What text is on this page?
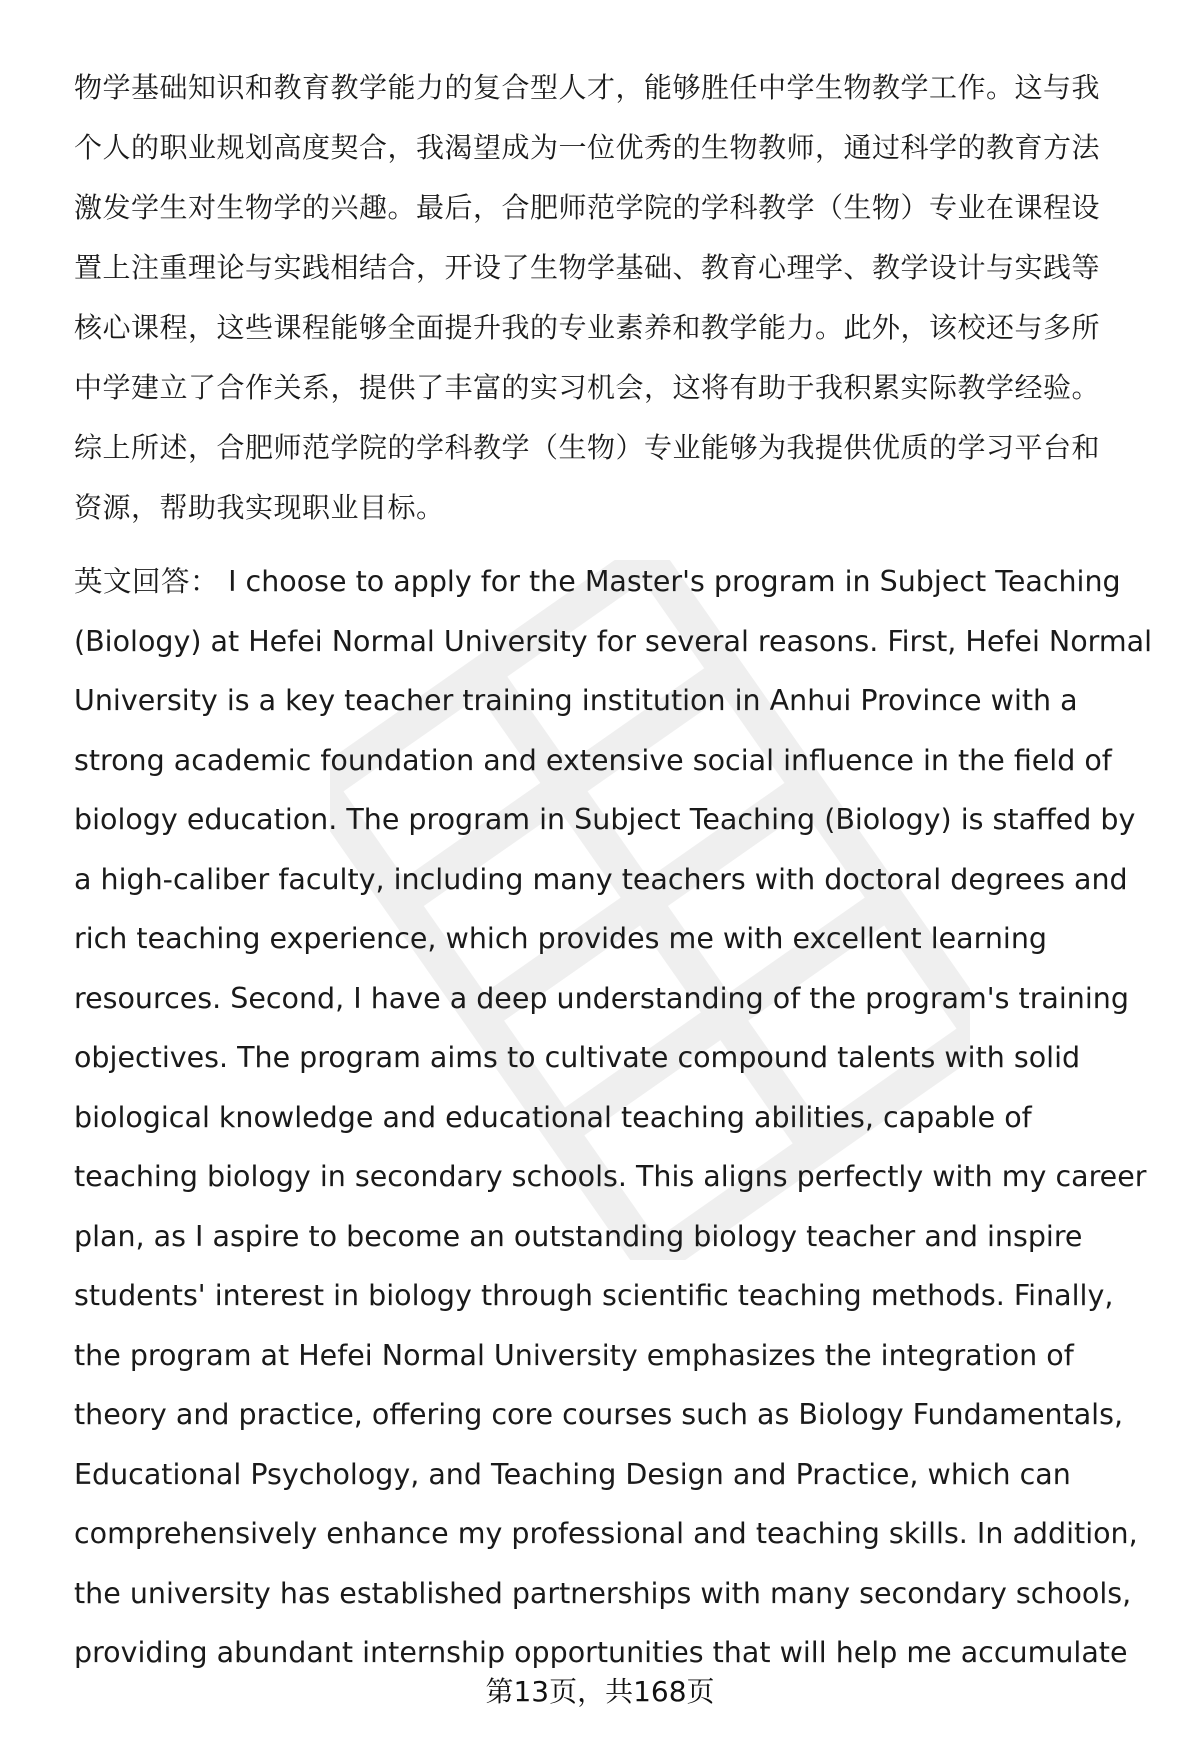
物学基础知识和教育教学能力的复合型人才，能够胜任中学生物教学工作。这与我
个人的职业规划高度契合，我渴望成为一位优秀的生物教师，通过科学的教育方法
激发学生对生物学的兴趣。最后，合肥师范学院的学科教学（生物）专业在课程设
置上注重理论与实践相结合，开设了生物学基础、教育心理学、教学设计与实践等
核心课程，这些课程能够全面提升我的专业素养和教学能力。此外，该校还与多所
中学建立了合作关系，提供了丰富的实习机会，这将有助于我积累实际教学经验。
综上所述，合肥师范学院的学科教学（生物）专业能够为我提供优质的学习平台和
资源，帮助我实现职业目标。

英文回答： I choose to apply for the Master's program in Subject Teaching
(Biology) at Hefei Normal University for several reasons. First, Hefei Normal
University is a key teacher training institution in Anhui Province with a
strong academic foundation and extensive social influence in the field of
biology education. The program in Subject Teaching (Biology) is staffed by
a high-caliber faculty, including many teachers with doctoral degrees and
rich teaching experience, which provides me with excellent learning
resources. Second, I have a deep understanding of the program's training
objectives. The program aims to cultivate compound talents with solid
biological knowledge and educational teaching abilities, capable of
teaching biology in secondary schools. This aligns perfectly with my career
plan, as I aspire to become an outstanding biology teacher and inspire
students' interest in biology through scientific teaching methods. Finally,
the program at Hefei Normal University emphasizes the integration of
theory and practice, offering core courses such as Biology Fundamentals,
Educational Psychology, and Teaching Design and Practice, which can
comprehensively enhance my professional and teaching skills. In addition,
the university has established partnerships with many secondary schools,
providing abundant internship opportunities that will help me accumulate

第13页，共168页
